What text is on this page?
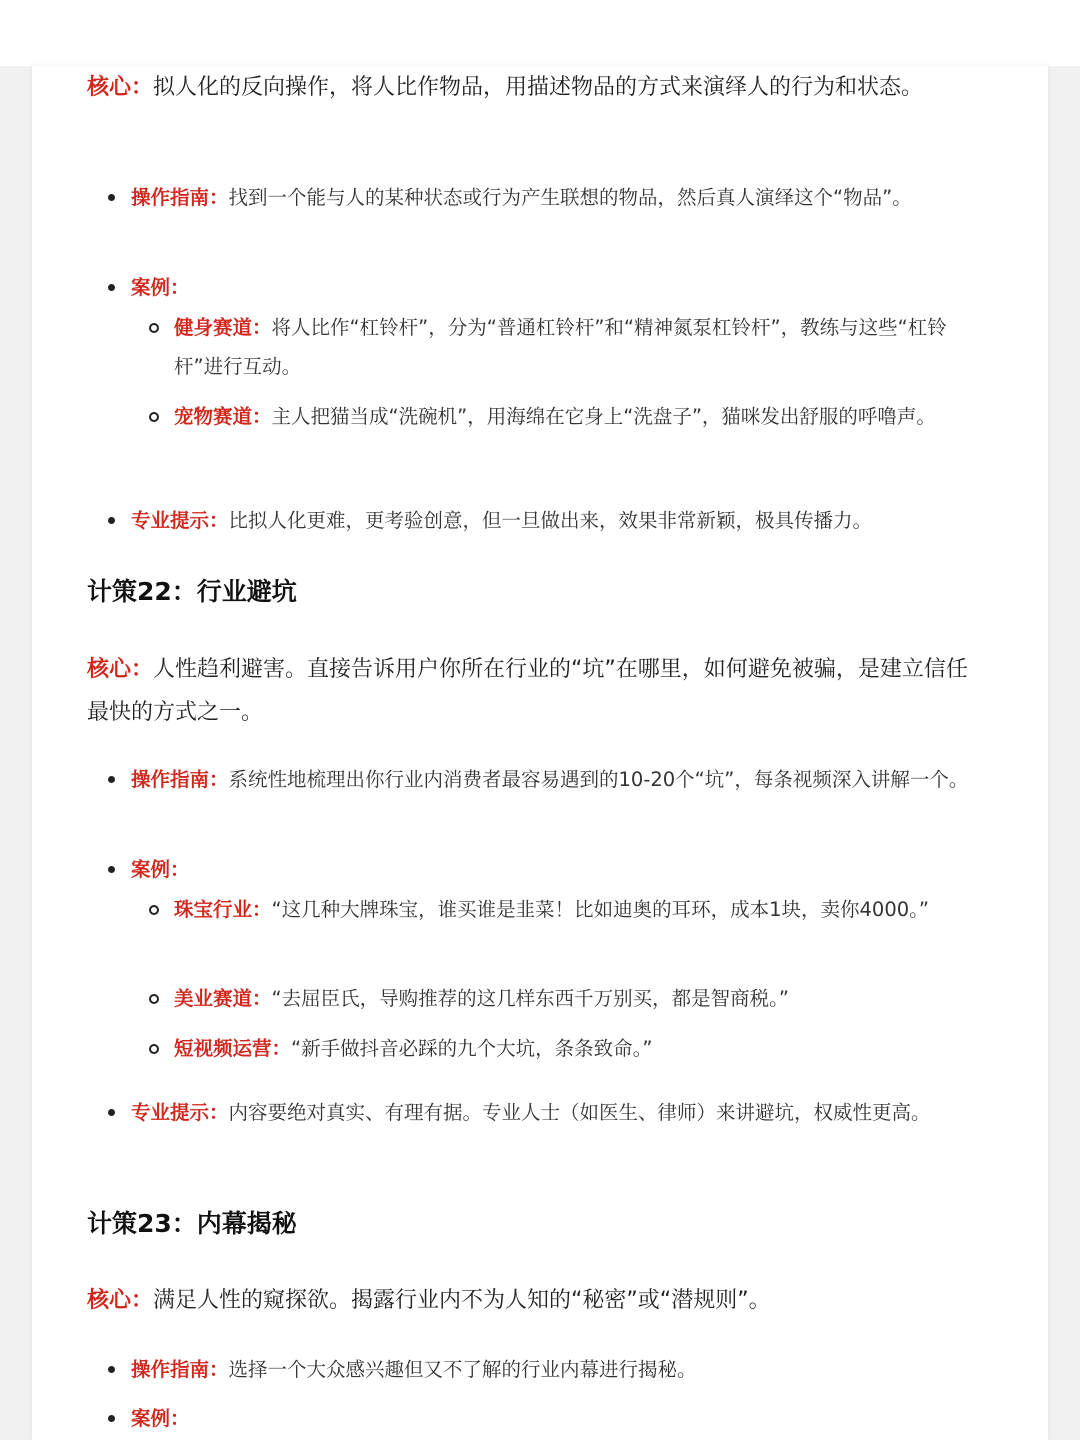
核心：拟人化的反向操作，将人比作物品，用描述物品的方式来演绎人的行为和状态。

操作指南：找到一个能与人的某种状态或行为产生联想的物品，然后真人演绎这个“物品”。

案例：

健身赛道：将人比作“杠铃杆”，分为“普通杠铃杆”和“精神氮泵杠铃杆”，教练与这些“杠铃杆”进行互动。

宠物赛道：主人把猫当成“洗碗机”，用海绵在它身上“洗盘子”，猫咪发出舒服的呼噜声。

专业提示：比拟人化更难，更考验创意，但一旦做出来，效果非常新颖，极具传播力。

计策22：行业避坑

核心：人性趋利避害。直接告诉用户你所在行业的“坑”在哪里，如何避免被骗，是建立信任最快的方式之一。

操作指南：系统性地梳理出你行业内消费者最容易遇到的10-20个“坑”，每条视频深入讲解一个。

案例：

珠宝行业：“这几种大牌珠宝，谁买谁是韭菜！比如迪奥的耳环，成本1块，卖你4000。”

美业赛道：“去屈臣氏，导购推荐的这几样东西千万别买，都是智商税。”

短视频运营：“新手做抖音必踩的九个大坑，条条致命。”

专业提示：内容要绝对真实、有理有据。专业人士（如医生、律师）来讲避坑，权威性更高。

计策23：内幕揭秘

核心：满足人性的窥探欲。揭露行业内不为人知的“秘密”或“潜规则”。

操作指南：选择一个大众感兴趣但又不了解的行业内幕进行揭秘。

案例：
